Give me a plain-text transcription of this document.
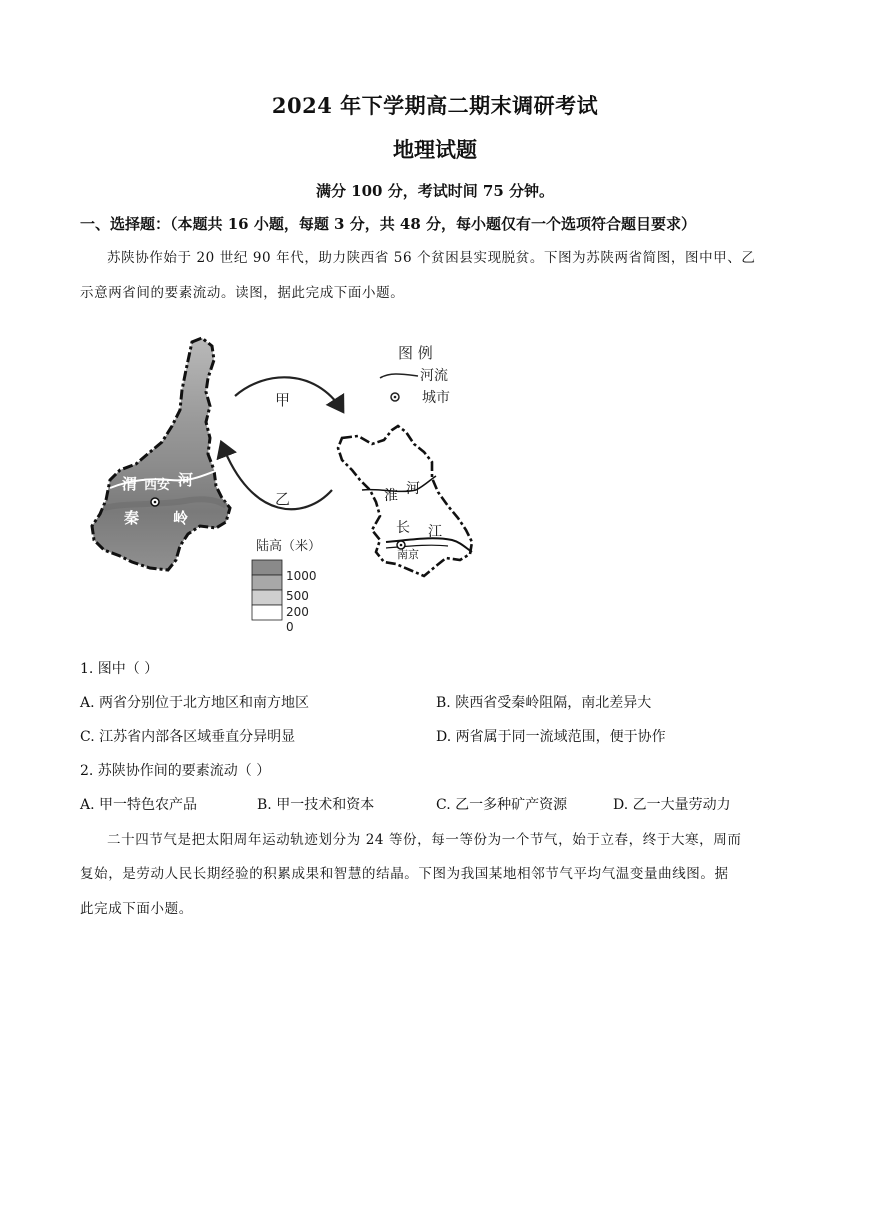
2024 年下学期高二期末调研考试
地理试题
满分 100 分，考试时间 75 分钟。
一、选择题：（本题共 16 小题，每题 3 分，共 48 分，每小题仅有一个选项符合题目要求）
苏陕协作始于 20 世纪 90 年代，助力陕西省 56 个贫困县实现脱贫。下图为苏陕两省简图，图中甲、乙
示意两省间的要素流动。读图，据此完成下面小题。
渭 西安 河
秦 岭
甲
乙
图 例
河流
城市
淮 河
长 江
南京
陆高（米）
1000
500
200
0
1. 图中（ ）
A. 两省分别位于北方地区和南方地区	B. 陕西省受秦岭阻隔，南北差异大
C. 江苏省内部各区域垂直分异明显	D. 两省属于同一流域范围，便于协作
2. 苏陕协作间的要素流动（ ）
A. 甲一特色农产品	B. 甲一技术和资本	C. 乙一多种矿产资源	D. 乙一大量劳动力
二十四节气是把太阳周年运动轨迹划分为 24 等份，每一等份为一个节气，始于立春，终于大寒，周而
复始，是劳动人民长期经验的积累成果和智慧的结晶。下图为我国某地相邻节气平均气温变量曲线图。据
此完成下面小题。
